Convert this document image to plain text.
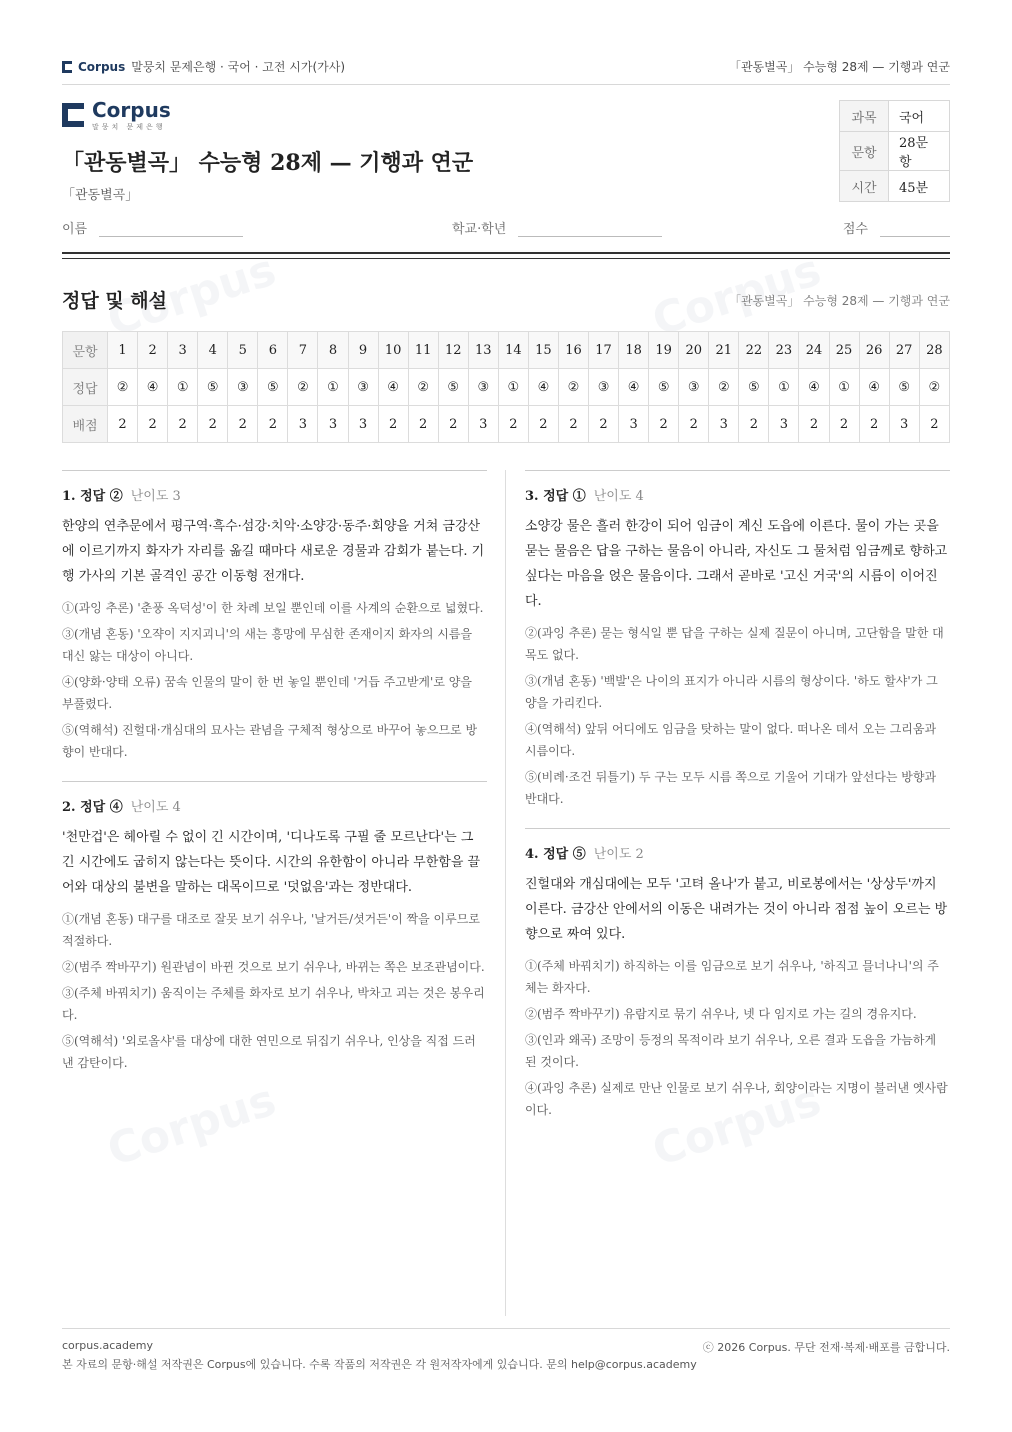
Corpus 말뭉치 문제은행 · 국어 · 고전 시가(가사)	「관동별곡」 수능형 28제 — 기행과 연군
Corpus
말뭉치 문제은행
「관동별곡」 수능형 28제 — 기행과 연군
「관동별곡」
과목	국어
문항	28문항
시간	45분
이름	학교·학년	점수
정답 및 해설	「관동별곡」 수능형 28제 — 기행과 연군
문항	1	2	3	4	5	6	7	8	9	10	11	12	13	14	15	16	17	18	19	20	21	22	23	24	25	26	27	28
정답	②	④	①	⑤	③	⑤	②	①	③	④	②	⑤	③	①	④	②	③	④	⑤	③	②	⑤	①	④	①	④	⑤	②
배점	2	2	2	2	2	2	3	3	3	2	2	2	3	2	2	2	2	3	2	2	3	2	3	2	2	2	3	2
1. 정답 ② 난이도 3

한양의 연추문에서 평구역·흑수·섬강·치악·소양강·동주·회양을 거쳐 금강산에 이르기까지 화자가 자리를 옮길 때마다 새로운 경물과 감회가 붙는다. 기행 가사의 기본 골격인 공간 이동형 전개다.

①(과잉 추론) '춘풍 옥덕성'이 한 차례 보일 뿐인데 이를 사계의 순환으로 넓혔다.

③(개념 혼동) '오쟉이 지지괴니'의 새는 흥망에 무심한 존재이지 화자의 시름을 대신 앓는 대상이 아니다.

④(양화·양태 오류) 꿈속 인물의 말이 한 번 놓일 뿐인데 '거듭 주고받게'로 양을 부풀렸다.

⑤(역해석) 진헐대·개심대의 묘사는 관념을 구체적 형상으로 바꾸어 놓으므로 방향이 반대다.

2. 정답 ④ 난이도 4

'천만겁'은 헤아릴 수 없이 긴 시간이며, '디나도록 구필 줄 모르난다'는 그 긴 시간에도 굽히지 않는다는 뜻이다. 시간의 유한함이 아니라 무한함을 끌어와 대상의 불변을 말하는 대목이므로 '덧없음'과는 정반대다.

①(개념 혼동) 대구를 대조로 잘못 보기 쉬우나, '날거든/셧거든'이 짝을 이루므로 적절하다.

②(범주 짝바꾸기) 원관념이 바뀐 것으로 보기 쉬우나, 바뀌는 쪽은 보조관념이다.

③(주체 바꿔치기) 움직이는 주체를 화자로 보기 쉬우나, 박차고 괴는 것은 봉우리다.

⑤(역해석) '외로올샤'를 대상에 대한 연민으로 뒤집기 쉬우나, 인상을 직접 드러낸 감탄이다.

3. 정답 ① 난이도 4

소양강 물은 흘러 한강이 되어 임금이 계신 도읍에 이른다. 물이 가는 곳을 묻는 물음은 답을 구하는 물음이 아니라, 자신도 그 물처럼 임금께로 향하고 싶다는 마음을 얹은 물음이다. 그래서 곧바로 '고신 거국'의 시름이 이어진다.

②(과잉 추론) 묻는 형식일 뿐 답을 구하는 실제 질문이 아니며, 고단함을 말한 대목도 없다.

③(개념 혼동) '백발'은 나이의 표지가 아니라 시름의 형상이다. '하도 할샤'가 그 양을 가리킨다.

④(역해석) 앞뒤 어디에도 임금을 탓하는 말이 없다. 떠나온 데서 오는 그리움과 시름이다.

⑤(비례·조건 뒤틀기) 두 구는 모두 시름 쪽으로 기울어 기대가 앞선다는 방향과 반대다.

4. 정답 ⑤ 난이도 2

진헐대와 개심대에는 모두 '고텨 올나'가 붙고, 비로봉에서는 '상상두'까지 이른다. 금강산 안에서의 이동은 내려가는 것이 아니라 점점 높이 오르는 방향으로 짜여 있다.

①(주체 바꿔치기) 하직하는 이를 임금으로 보기 쉬우나, '하직고 믈너나니'의 주체는 화자다.

②(범주 짝바꾸기) 유람지로 묶기 쉬우나, 넷 다 임지로 가는 길의 경유지다.

③(인과 왜곡) 조망이 등정의 목적이라 보기 쉬우나, 오른 결과 도읍을 가늠하게 된 것이다.

④(과잉 추론) 실제로 만난 인물로 보기 쉬우나, 회양이라는 지명이 불러낸 옛사람이다.

corpus.academy	ⓒ 2026 Corpus. 무단 전재·복제·배포를 금합니다.
본 자료의 문항·해설 저작권은 Corpus에 있습니다. 수록 작품의 저작권은 각 원저작자에게 있습니다. 문의 help@corpus.academy
